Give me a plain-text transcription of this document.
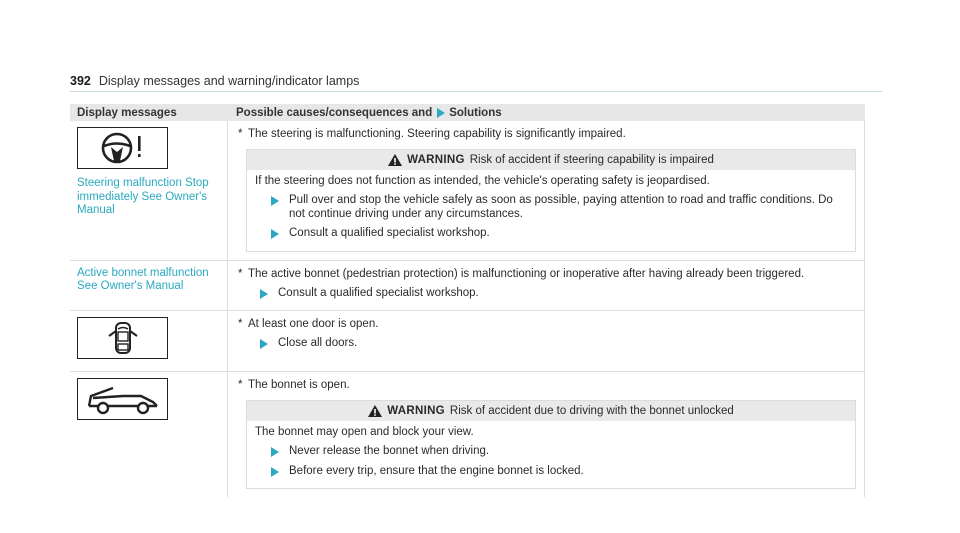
392 Display messages and warning/indicator lamps
Display messages	Possible causes/consequences and Solutions
Steering malfunction Stop immediately See Owner's Manual
* The steering is malfunctioning. Steering capability is significantly impaired.
WARNING Risk of accident if steering capability is impaired
If the steering does not function as intended, the vehicle's operating safety is jeopardised.
Pull over and stop the vehicle safely as soon as possible, paying attention to road and traffic conditions. Do not continue driving under any circumstances.
Consult a qualified specialist workshop.
Active bonnet malfunction See Owner's Manual
* The active bonnet (pedestrian protection) is malfunctioning or inoperative after having already been triggered.
Consult a qualified specialist workshop.
* At least one door is open.
Close all doors.
* The bonnet is open.
WARNING Risk of accident due to driving with the bonnet unlocked
The bonnet may open and block your view.
Never release the bonnet when driving.
Before every trip, ensure that the engine bonnet is locked.
